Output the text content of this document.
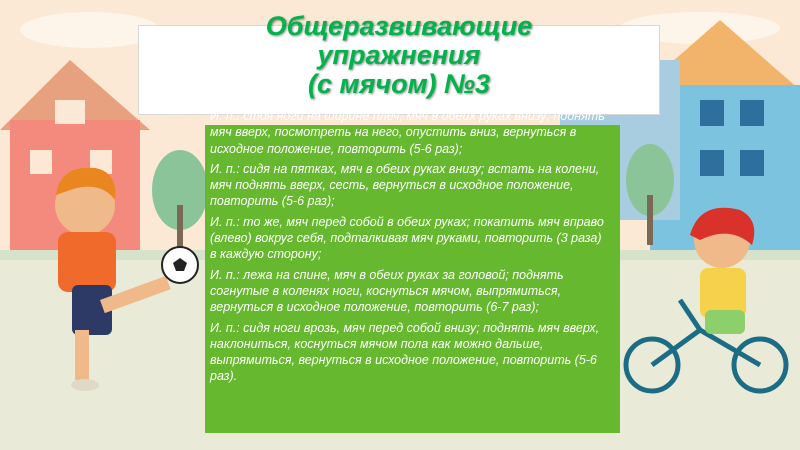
Общеразвивающие
упражнения
(с мячом) №3

И. п.: стоя ноги на ширине плеч, мяч в обеих руках внизу; поднять мяч вверх, посмотреть на него, опустить вниз, вернуться в исходное положение, повторить (5-6 раз);

И. п.: сидя на пятках, мяч в обеих руках внизу; встать на колени, мяч поднять вверх, сесть, вернуться в исходное положение, повторить (5-6 раз);

И. п.: то же, мяч перед собой в обеих руках; покатить мяч вправо (влево) вокруг себя, подталкивая мяч руками, повторить (3 раза) в каждую сторону;

И. п.: лежа на спине, мяч в обеих руках за головой; поднять согнутые в коленях ноги, коснуться мячом, выпрямиться, вернуться в исходное положение, повторить (6-7 раз);

И. п.: сидя ноги врозь, мяч перед собой внизу; поднять мяч вверх, наклониться, коснуться мячом пола как можно дальше, выпрямиться, вернуться в исходное положение, повторить (5-6 раз).
